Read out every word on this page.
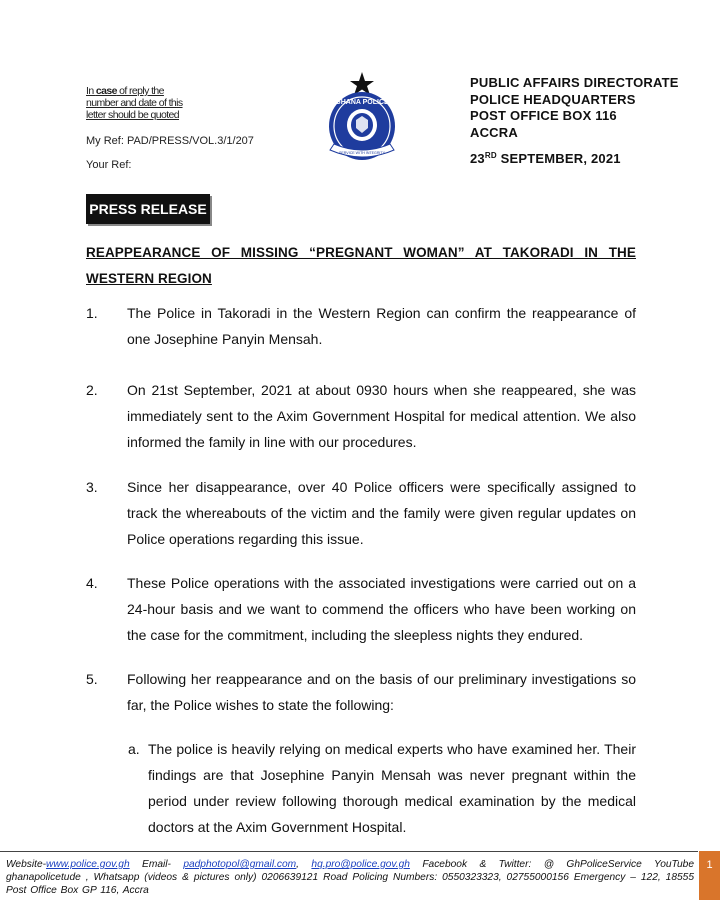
In case of reply the
number and date of this
letter should be quoted
My Ref: PAD/PRESS/VOL.3/1/207
Your Ref:
GHANA POLICE
SERVICE WITH INTEGRITY
PUBLIC AFFAIRS DIRECTORATE
POLICE HEADQUARTERS
POST OFFICE BOX 116
ACCRA
23RD SEPTEMBER, 2021
PRESS RELEASE
REAPPEARANCE OF MISSING “PREGNANT WOMAN” AT TAKORADI IN THE WESTERN REGION
1. The Police in Takoradi in the Western Region can confirm the reappearance of one Josephine Panyin Mensah.
2. On 21st September, 2021 at about 0930 hours when she reappeared, she was immediately sent to the Axim Government Hospital for medical attention. We also informed the family in line with our procedures.
3. Since her disappearance, over 40 Police officers were specifically assigned to track the whereabouts of the victim and the family were given regular updates on Police operations regarding this issue.
4. These Police operations with the associated investigations were carried out on a 24-hour basis and we want to commend the officers who have been working on the case for the commitment, including the sleepless nights they endured.
5. Following her reappearance and on the basis of our preliminary investigations so far, the Police wishes to state the following:
a. The police is heavily relying on medical experts who have examined her. Their findings are that Josephine Panyin Mensah was never pregnant within the period under review following thorough medical examination by the medical doctors at the Axim Government Hospital.
Website-www.police.gov.gh Email- padphotopol@gmail.com, hq.pro@police.gov.gh Facebook & Twitter: @ GhPoliceService YouTube ghanapolicetude , Whatsapp (videos & pictures only) 0206639121 Road Policing Numbers: 0550323323, 02755000156 Emergency – 122, 18555 Post Office Box GP 116, Accra
1
